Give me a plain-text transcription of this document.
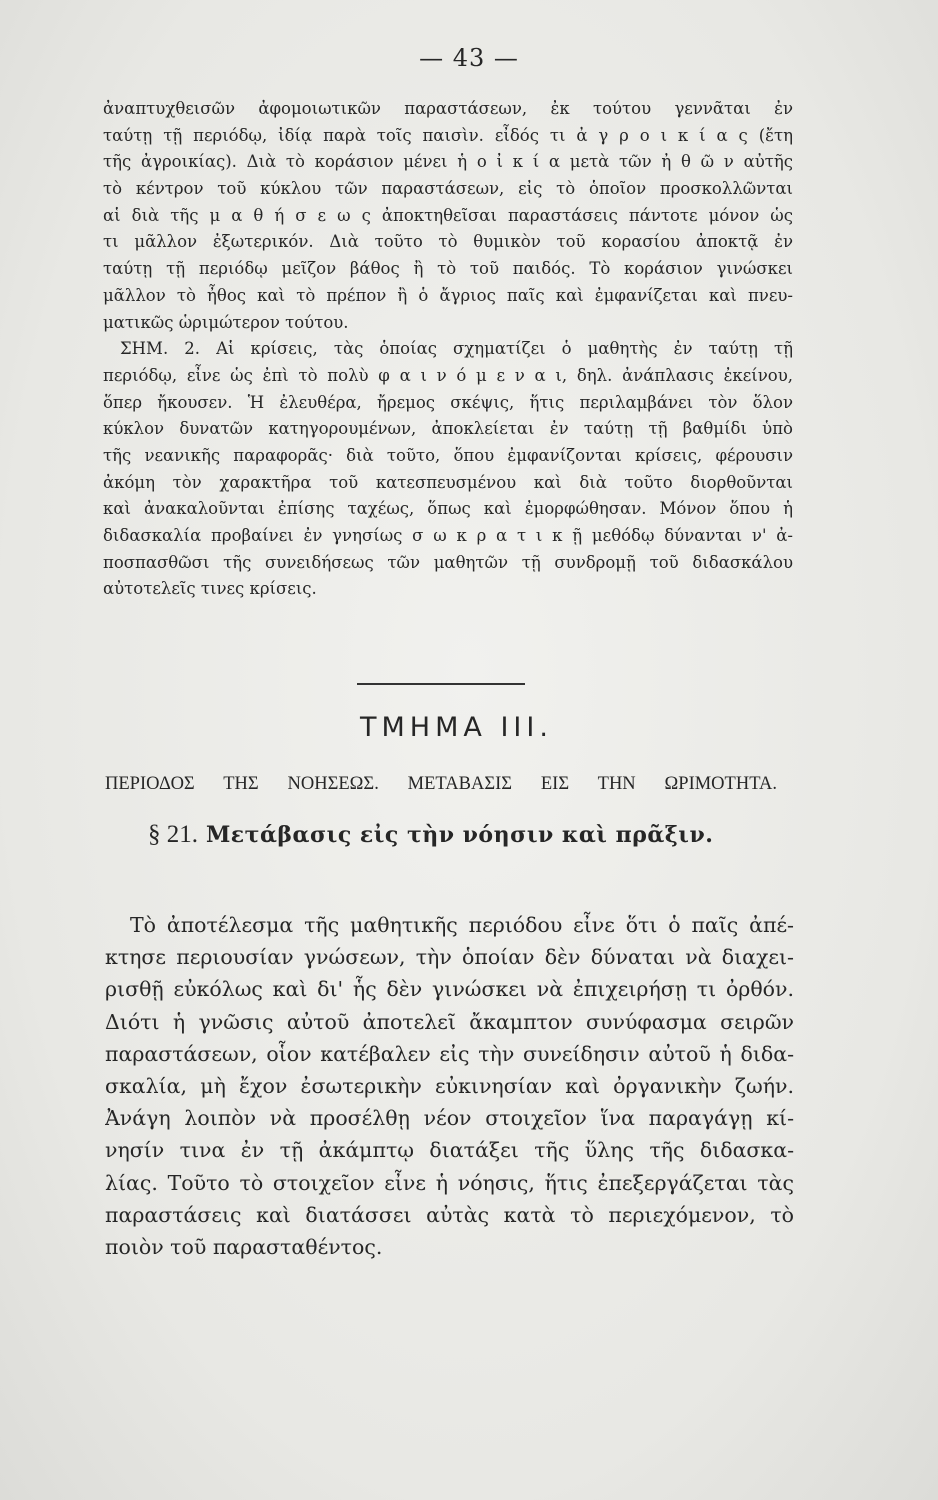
— 43 —
ἀναπτυχθεισῶν ἀφομοιωτικῶν παραστάσεων, ἐκ τούτου γεννᾶται ἐν
ταύτῃ τῇ περιόδῳ, ἰδίᾳ παρὰ τοῖς παισὶν. εἶδός τι ἀ γ ρ ο ι κ ί α ς (ἔτη
τῆς ἀγροικίας). Διὰ τὸ κοράσιον μένει ἡ ο ἰ κ ί α μετὰ τῶν ἠ θ ῶ ν αὐτῆς
τὸ κέντρον τοῦ κύκλου τῶν παραστάσεων, εἰς τὸ ὁποῖον προσκολλῶνται
αἱ διὰ τῆς μ α θ ή σ ε ω ς ἀποκτηθεῖσαι παραστάσεις πάντοτε μόνον ὡς
τι μᾶλλον ἐξωτερικόν. Διὰ τοῦτο τὸ θυμικὸν τοῦ κορασίου ἀποκτᾷ ἐν
ταύτῃ τῇ περιόδῳ μεῖζον βάθος ἢ τὸ τοῦ παιδός. Τὸ κοράσιον γινώσκει
μᾶλλον τὸ ἦθος καὶ τὸ πρέπον ἢ ὁ ἄγριος παῖς καὶ ἐμφανίζεται καὶ πνευ-
ματικῶς ὡριμώτερον τούτου.
ΣΗΜ. 2. Αἱ κρίσεις, τὰς ὁποίας σχηματίζει ὁ μαθητὴς ἐν ταύτῃ τῇ
περιόδῳ, εἶνε ὡς ἐπὶ τὸ πολὺ φ α ι ν ό μ ε ν α ι, δηλ. ἀνάπλασις ἐκείνου,
ὅπερ ἤκουσεν. Ἡ ἐλευθέρα, ἤρεμος σκέψις, ἥτις περιλαμβάνει τὸν ὅλον
κύκλον δυνατῶν κατηγορουμένων, ἀποκλείεται ἐν ταύτῃ τῇ βαθμίδι ὑπὸ
τῆς νεανικῆς παραφορᾶς· διὰ τοῦτο, ὅπου ἐμφανίζονται κρίσεις, φέρουσιν
ἀκόμη τὸν χαρακτῆρα τοῦ κατεσπευσμένου καὶ διὰ τοῦτο διορθοῦνται
καὶ ἀνακαλοῦνται ἐπίσης ταχέως, ὅπως καὶ ἐμορφώθησαν. Μόνον ὅπου ἡ
διδασκαλία προβαίνει ἐν γνησίως σ ω κ ρ α τ ι κ ῇ μεθόδῳ δύνανται ν' ἀ-
ποσπασθῶσι τῆς συνειδήσεως τῶν μαθητῶν τῇ συνδρομῇ τοῦ διδασκάλου
αὐτοτελεῖς τινες κρίσεις.
ΤΜΗΜΑ ΙΙΙ.
ΠΕΡΙΟΔΟΣ ΤΗΣ ΝΟΗΣΕΩΣ. ΜΕΤΑΒΑΣΙΣ ΕΙΣ ΤΗΝ ΩΡΙΜΟΤΗΤΑ.
§ 21. Μετάβασις εἰς τὴν νόησιν καὶ πρᾶξιν.
Τὸ ἀποτέλεσμα τῆς μαθητικῆς περιόδου εἶνε ὅτι ὁ παῖς ἀπέ-
κτησε περιουσίαν γνώσεων, τὴν ὁποίαν δὲν δύναται νὰ διαχει-
ρισθῇ εὐκόλως καὶ δι' ἧς δὲν γινώσκει νὰ ἐπιχειρήσῃ τι ὀρθόν.
Διότι ἡ γνῶσις αὐτοῦ ἀποτελεῖ ἄκαμπτον συνύφασμα σειρῶν
παραστάσεων, οἷον κατέβαλεν εἰς τὴν συνείδησιν αὐτοῦ ἡ διδα-
σκαλία, μὴ ἔχον ἐσωτερικὴν εὐκινησίαν καὶ ὀργανικὴν ζωήν.
Ἀνάγη λοιπὸν νὰ προσέλθῃ νέον στοιχεῖον ἵνα παραγάγῃ κί-
νησίν τινα ἐν τῇ ἀκάμπτῳ διατάξει τῆς ὕλης τῆς διδασκα-
λίας. Τοῦτο τὸ στοιχεῖον εἶνε ἡ νόησις, ἥτις ἐπεξεργάζεται τὰς
παραστάσεις καὶ διατάσσει αὐτὰς κατὰ τὸ περιεχόμενον, τὸ
ποιὸν τοῦ παρασταθέντος.
